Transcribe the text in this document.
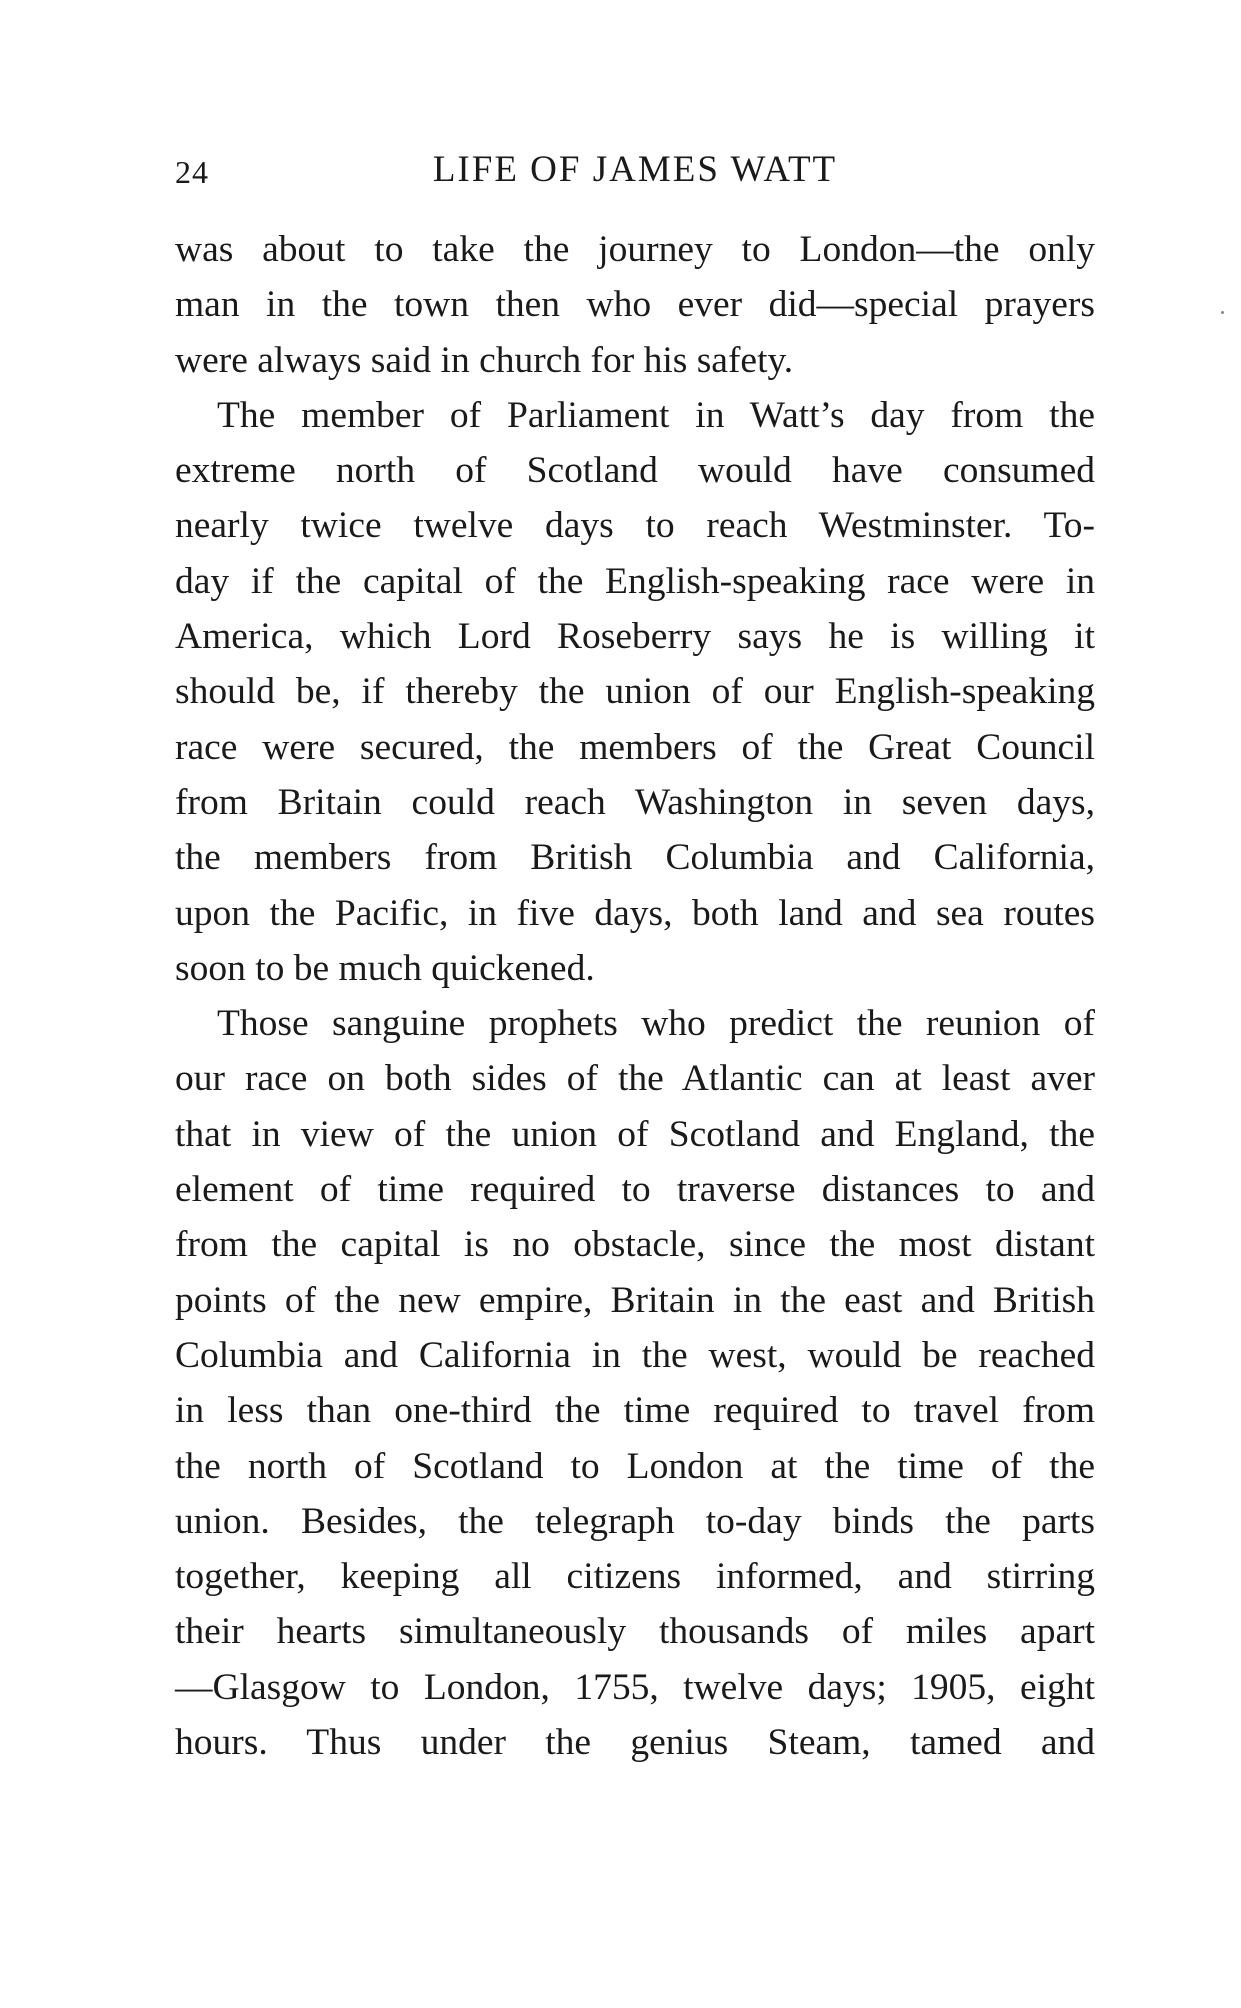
24	LIFE OF JAMES WATT

was about to take the journey to London—the only
man in the town then who ever did—special prayers
were always said in church for his safety.

The member of Parliament in Watt’s day from the
extreme north of Scotland would have consumed
nearly twice twelve days to reach Westminster. To-
day if the capital of the English-speaking race were in
America, which Lord Roseberry says he is willing it
should be, if thereby the union of our English-speaking
race were secured, the members of the Great Council
from Britain could reach Washington in seven days,
the members from British Columbia and California,
upon the Pacific, in five days, both land and sea routes
soon to be much quickened.

Those sanguine prophets who predict the reunion of
our race on both sides of the Atlantic can at least aver
that in view of the union of Scotland and England, the
element of time required to traverse distances to and
from the capital is no obstacle, since the most distant
points of the new empire, Britain in the east and British
Columbia and California in the west, would be reached
in less than one-third the time required to travel from
the north of Scotland to London at the time of the
union. Besides, the telegraph to-day binds the parts
together, keeping all citizens informed, and stirring
their hearts simultaneously thousands of miles apart
—Glasgow to London, 1755, twelve days; 1905, eight
hours. Thus under the genius Steam, tamed and
